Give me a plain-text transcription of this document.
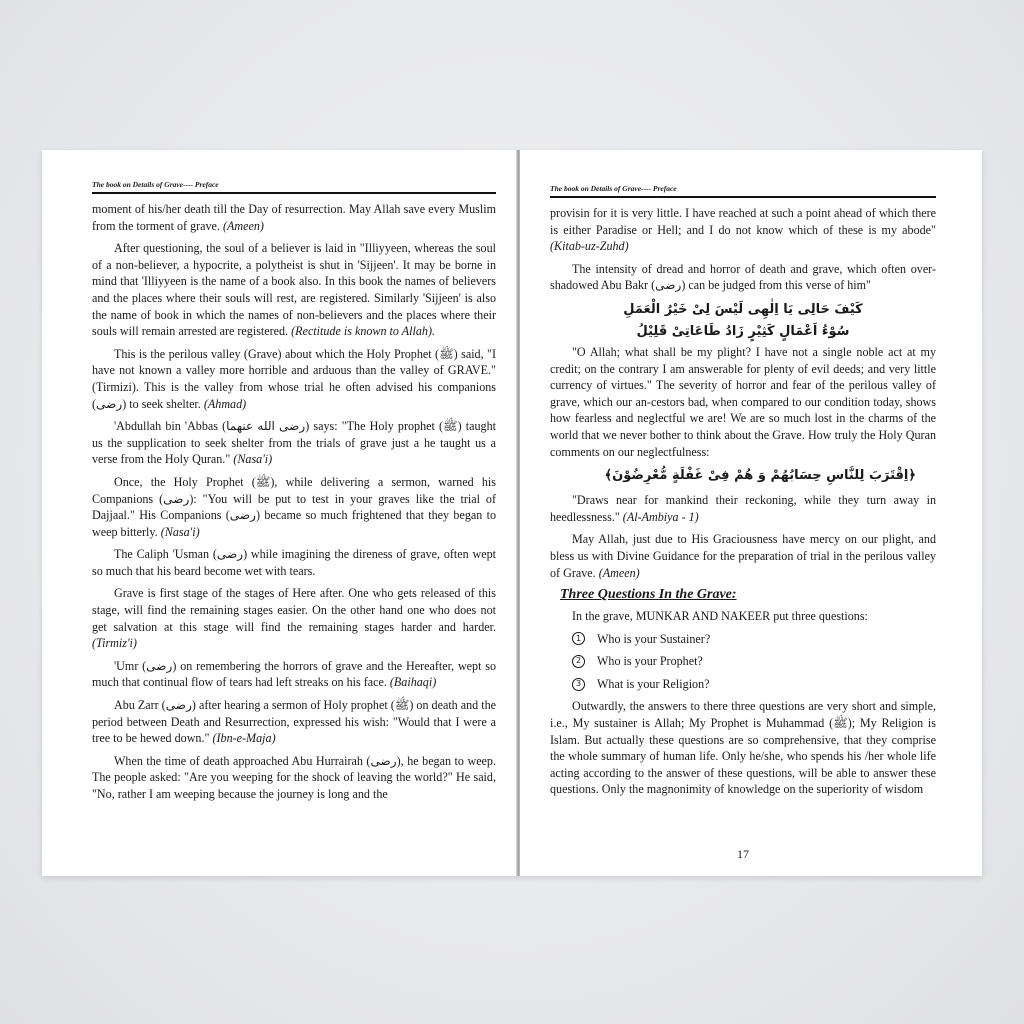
The book on Details of Grave---- Preface

moment of his/her death till the Day of resurrection. May Allah save every Muslim from the torment of grave. (Ameen)

After questioning, the soul of a believer is laid in "Illiyyeen, whereas the soul of a non-believer, a hypocrite, a polytheist is shut in 'Sijjeen'. It may be borne in mind that 'Illiyyeen is the name of a book also. In this book the names of believers and the places where their souls will rest, are registered. Similarly 'Sijjeen' is also the name of book in which the names of non-believers and the places where their souls will remain arrested are registered. (Rectitude is known to Allah).

This is the perilous valley (Grave) about which the Holy Prophet (ﷺ) said, "I have not known a valley more horrible and arduous than the valley of GRAVE." (Tirmizi). This is the valley from whose trial he often advised his companions (رضى) to seek shelter. (Ahmad)

'Abdullah bin 'Abbas (رضى الله عنهما) says: "The Holy prophet (ﷺ) taught us the supplication to seek shelter from the trials of grave just a he taught us a verse from the Holy Quran." (Nasa'i)

Once, the Holy Prophet (ﷺ), while delivering a sermon, warned his Companions (رضى): "You will be put to test in your graves like the trial of Dajjaal." His Companions (رضى) became so much frightened that they began to weep bitterly. (Nasa'i)

The Caliph 'Usman (رضى) while imagining the direness of grave, often wept so much that his beard become wet with tears.

Grave is first stage of the stages of Here after. One who gets released of this stage, will find the remaining stages easier. On the other hand one who does not get salvation at this stage will find the remaining stages harder and harder. (Tirmiz'i)

'Umr (رضى) on remembering the horrors of grave and the Hereafter, wept so much that continual flow of tears had left streaks on his face. (Baihaqi)

Abu Zarr (رضى) after hearing a sermon of Holy prophet (ﷺ) on death and the period between Death and Resurrection, expressed his wish: "Would that I were a tree to be hewed down." (Ibn-e-Maja)

When the time of death approached Abu Hurrairah (رضى), he began to weep. The people asked: "Are you weeping for the shock of leaving the world?" He said, "No, rather I am weeping because the journey is long and the

The book on Details of Grave---- Preface

provisin for it is very little. I have reached at such a point ahead of which there is either Paradise or Hell; and I do not know which of these is my abode" (Kitab-uz-Zuhd)

The intensity of dread and horror of death and grave, which often over-shadowed Abu Bakr (رضى) can be judged from this verse of him"

كَيْفَ حَالِى يَا اِلٰهِى لَيْسَ لِىْ خَيْرُ الْعَمَلِ
سُوْءُ اَعْمَالٍ كَثِيْرٍ زَادُ طَاعَاتِىْ قَلِيْلُ

"O Allah; what shall be my plight? I have not a single noble act at my credit; on the contrary I am answerable for plenty of evil deeds; and very little currency of virtues." The severity of horror and fear of the perilous valley of grave, which our an-cestors bad, when compared to our condition today, shows how fearless and neglectful we are! We are so much lost in the charms of the world that we never bother to think about the Grave. How truly the Holy Quran comments on our neglectfulness:

﴿اِقْتَرَبَ لِلنَّاسِ حِسَابُهُمْ وَ هُمْ فِىْ غَفْلَةٍ مُّعْرِضُوْنَ﴾

"Draws near for mankind their reckoning, while they turn away in heedlessness." (Al-Ambiya - 1)

May Allah, just due to His Graciousness have mercy on our plight, and bless us with Divine Guidance for the preparation of trial in the perilous valley of Grave. (Ameen)

Three Questions In the Grave:

In the grave, MUNKAR AND NAKEER put three questions:

1	Who is your Sustainer?
2	Who is your Prophet?
3	What is your Religion?

Outwardly, the answers to there three questions are very short and simple, i.e., My sustainer is Allah; My Prophet is Muhammad (ﷺ); My Religion is Islam. But actually these questions are so comprehensive, that they comprise the whole summary of human life. Only he/she, who spends his /her whole life acting according to the answer of these questions, will be able to answer these questions. Only the magnonimity of knowledge on the superiority of wisdom

17
